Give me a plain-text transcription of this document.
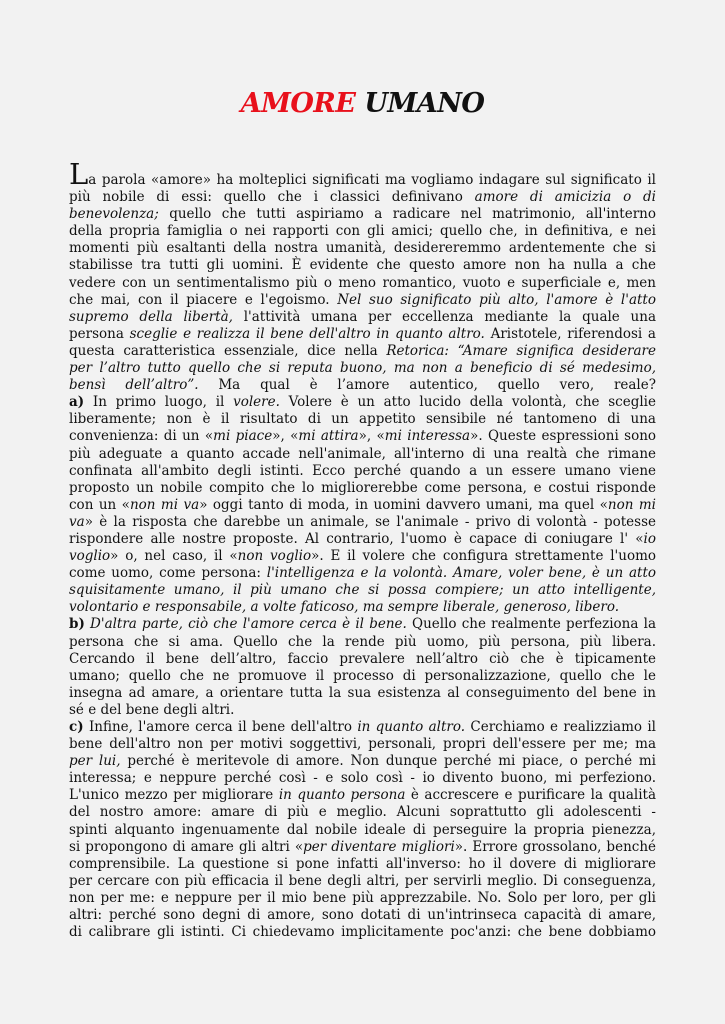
AMORE UMANO
La parola «amore» ha molteplici significati ma vogliamo indagare sul significato il
più nobile di essi: quello che i classici definivano amore di amicizia o di
benevolenza; quello che tutti aspiriamo a radicare nel matrimonio, all'interno
della propria famiglia o nei rapporti con gli amici; quello che, in definitiva, e nei
momenti più esaltanti della nostra umanità, desidereremmo ardentemente che si
stabilisse tra tutti gli uomini. È evidente che questo amore non ha nulla a che
vedere con un sentimentalismo più o meno romantico, vuoto e superficiale e, men
che mai, con il piacere e l'egoismo. Nel suo significato più alto, l'amore è l'atto
supremo della libertà, l'attività umana per eccellenza mediante la quale una
persona sceglie e realizza il bene dell'altro in quanto altro. Aristotele, riferendosi a
questa caratteristica essenziale, dice nella Retorica: “Amare significa desiderare
per l’altro tutto quello che si reputa buono, ma non a beneficio di sé medesimo,
bensì dell’altro”. Ma qual è l’amore autentico, quello vero, reale?
a) In primo luogo, il volere. Volere è un atto lucido della volontà, che sceglie
liberamente; non è il risultato di un appetito sensibile né tantomeno di una
convenienza: di un «mi piace», «mi attira», «mi interessa». Queste espressioni sono
più adeguate a quanto accade nell'animale, all'interno di una realtà che rimane
confinata all'ambito degli istinti. Ecco perché quando a un essere umano viene
proposto un nobile compito che lo migliorerebbe come persona, e costui risponde
con un «non mi va» oggi tanto di moda, in uomini davvero umani, ma quel «non mi
va» è la risposta che darebbe un animale, se l'animale - privo di volontà - potesse
rispondere alle nostre proposte. Al contrario, l'uomo è capace di coniugare l' «io
voglio» o, nel caso, il «non voglio». E il volere che configura strettamente l'uomo
come uomo, come persona: l'intelligenza e la volontà. Amare, voler bene, è un atto
squisitamente umano, il più umano che si possa compiere; un atto intelligente,
volontario e responsabile, a volte faticoso, ma sempre liberale, generoso, libero.
b) D'altra parte, ciò che l'amore cerca è il bene. Quello che realmente perfeziona la
persona che si ama. Quello che la rende più uomo, più persona, più libera.
Cercando il bene dell’altro, faccio prevalere nell’altro ciò che è tipicamente
umano; quello che ne promuove il processo di personalizzazione, quello che le
insegna ad amare, a orientare tutta la sua esistenza al conseguimento del bene in
sé e del bene degli altri.
c) Infine, l'amore cerca il bene dell'altro in quanto altro. Cerchiamo e realizziamo il
bene dell'altro non per motivi soggettivi, personali, propri dell'essere per me; ma
per lui, perché è meritevole di amore. Non dunque perché mi piace, o perché mi
interessa; e neppure perché così - e solo così - io divento buono, mi perfeziono.
L'unico mezzo per migliorare in quanto persona è accrescere e purificare la qualità
del nostro amore: amare di più e meglio. Alcuni soprattutto gli adolescenti -
spinti alquanto ingenuamente dal nobile ideale di perseguire la propria pienezza,
si propongono di amare gli altri «per diventare migliori». Errore grossolano, benché
comprensibile. La questione si pone infatti all'inverso: ho il dovere di migliorare
per cercare con più efficacia il bene degli altri, per servirli meglio. Di conseguenza,
non per me: e neppure per il mio bene più apprezzabile. No. Solo per loro, per gli
altri: perché sono degni di amore, sono dotati di un'intrinseca capacità di amare,
di calibrare gli istinti. Ci chiedevamo implicitamente poc'anzi: che bene dobbiamo
